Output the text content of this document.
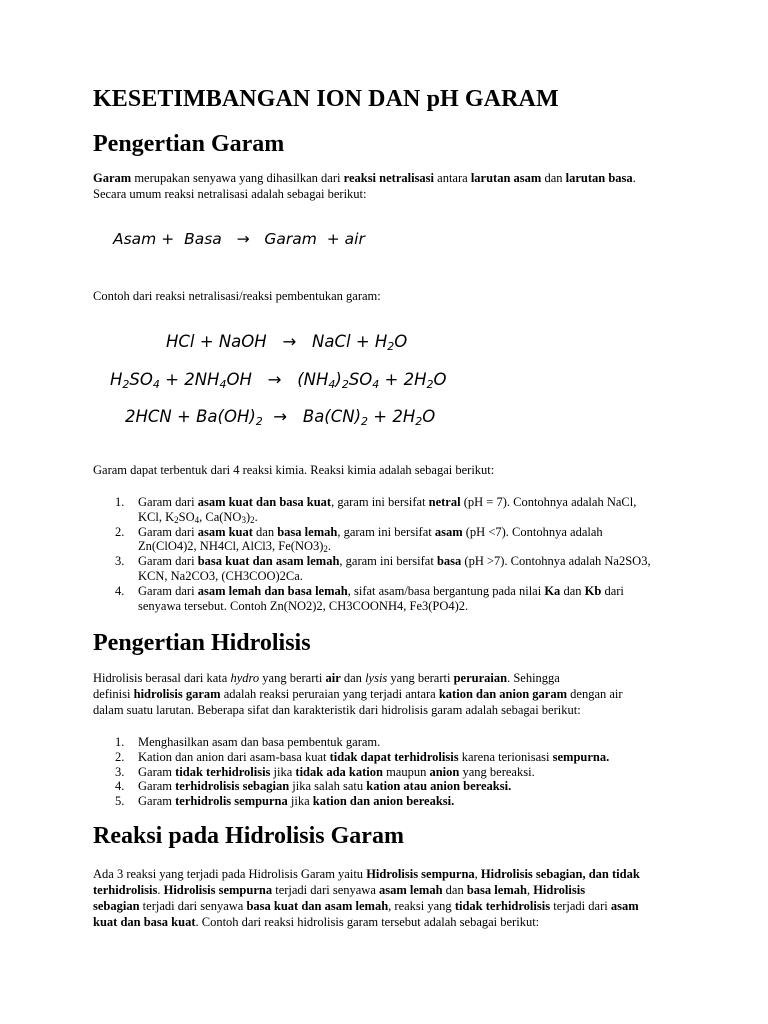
KESETIMBANGAN ION DAN pH GARAM
Pengertian Garam

Garam merupakan senyawa yang dihasilkan dari reaksi netralisasi antara larutan asam dan larutan basa.
Secara umum reaksi netralisasi adalah sebagai berikut:

Asam + Basa → Garam + air

Contoh dari reaksi netralisasi/reaksi pembentukan garam:

HCl + NaOH → NaCl + $H_2O$
$H_2SO_4 + 2NH_4OH \to (NH_4)_2SO_4 + 2H_2O$
$2HCN + Ba(OH)_2 \to Ba(CN)_2 + 2H_2O$

Garam dapat terbentuk dari 4 reaksi kimia. Reaksi kimia adalah sebagai berikut:

1. Garam dari asam kuat dan basa kuat, garam ini bersifat netral (pH = 7). Contohnya adalah NaCl,
KCl, $K_2SO_4$, $Ca(NO_3)_2$.
2. Garam dari asam kuat dan basa lemah, garam ini bersifat asam (pH <7). Contohnya adalah
Zn(ClO4)2, NH4Cl, AlCl3, $Fe(NO3)_2$.
3. Garam dari basa kuat dan asam lemah, garam ini bersifat basa (pH >7). Contohnya adalah Na2SO3,
KCN, Na2CO3, (CH3COO)2Ca.
4. Garam dari asam lemah dan basa lemah, sifat asam/basa bergantung pada nilai Ka dan Kb dari
senyawa tersebut. Contoh Zn(NO2)2, CH3COONH4, Fe3(PO4)2.
Pengertian Hidrolisis

Hidrolisis berasal dari kata hydro yang berarti air dan lysis yang berarti peruraian. Sehingga
definisi hidrolisis garam adalah reaksi peruraian yang terjadi antara kation dan anion garam dengan air
dalam suatu larutan. Beberapa sifat dan karakteristik dari hidrolisis garam adalah sebagai berikut:

1. Menghasilkan asam dan basa pembentuk garam.
2. Kation dan anion dari asam-basa kuat tidak dapat terhidrolisis karena terionisasi sempurna.
3. Garam tidak terhidrolisis jika tidak ada kation maupun anion yang bereaksi.
4. Garam terhidrolisis sebagian jika salah satu kation atau anion bereaksi.
5. Garam terhidrolis sempurna jika kation dan anion bereaksi.
Reaksi pada Hidrolisis Garam

Ada 3 reaksi yang terjadi pada Hidrolisis Garam yaitu Hidrolisis sempurna, Hidrolisis sebagian, dan tidak
terhidrolisis. Hidrolisis sempurna terjadi dari senyawa asam lemah dan basa lemah, Hidrolisis
sebagian terjadi dari senyawa basa kuat dan asam lemah, reaksi yang tidak terhidrolisis terjadi dari asam
kuat dan basa kuat. Contoh dari reaksi hidrolisis garam tersebut adalah sebagai berikut:
